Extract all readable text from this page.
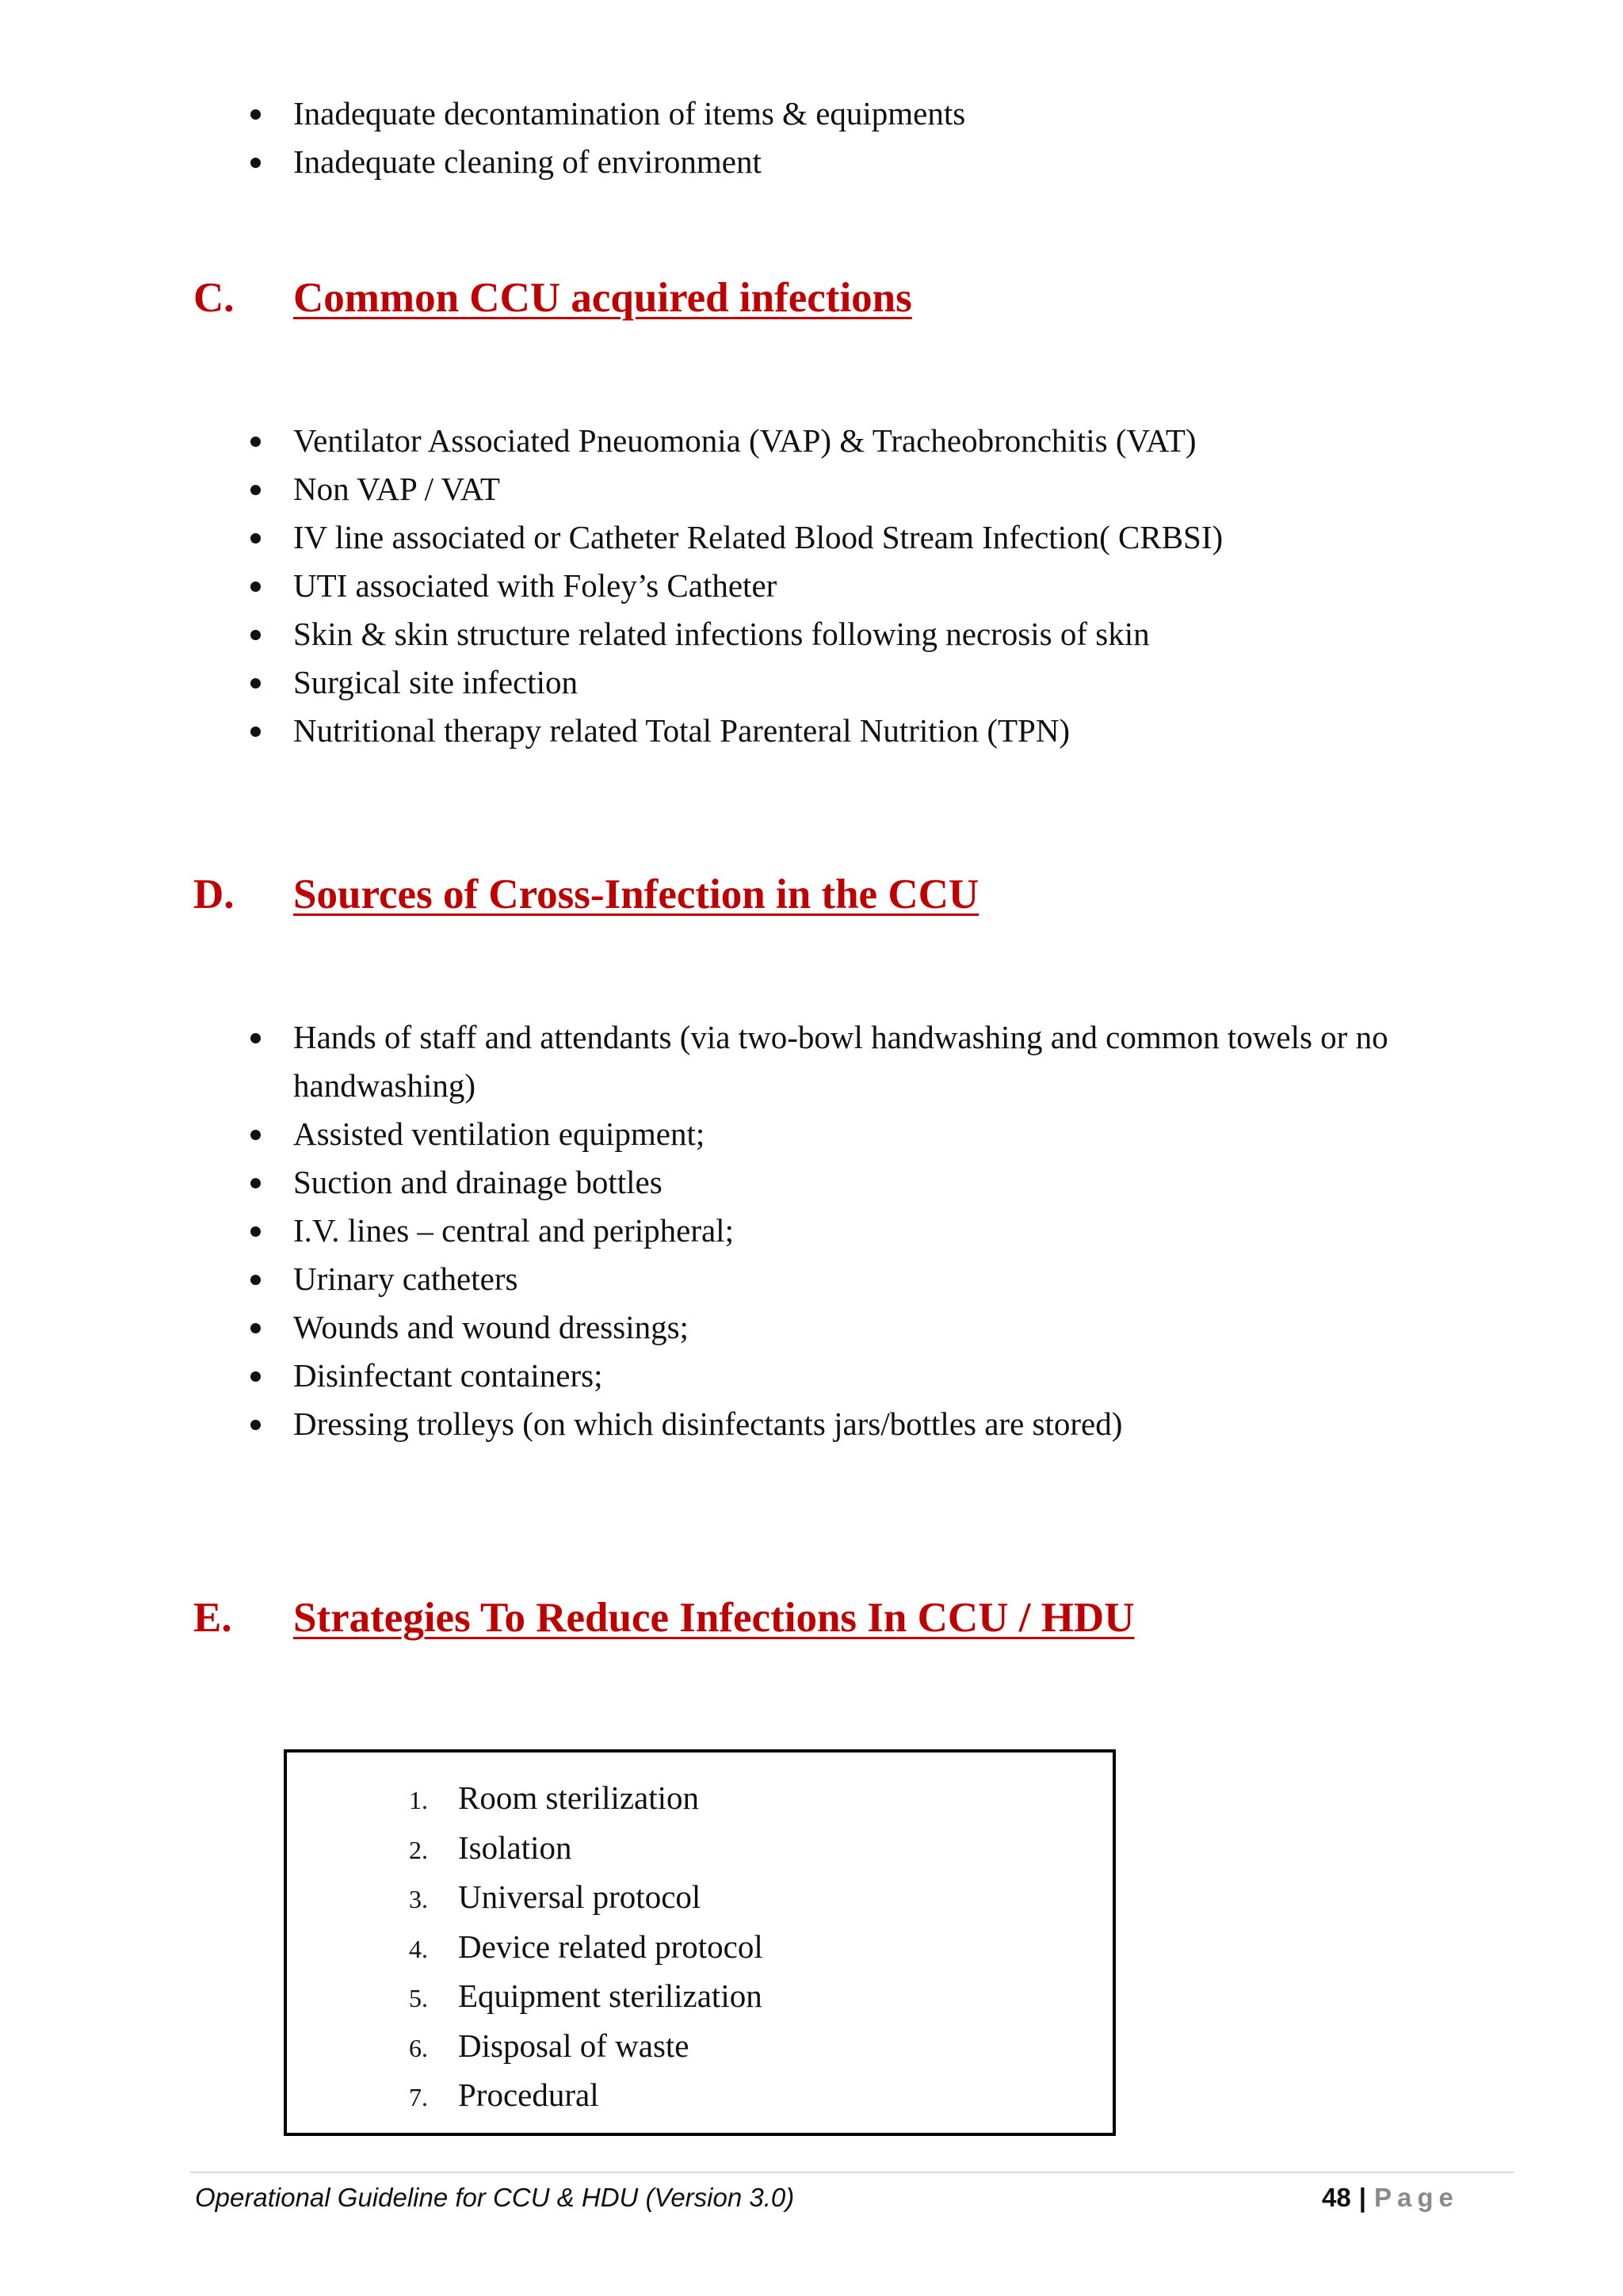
Inadequate decontamination of items & equipments
Inadequate cleaning of environment
C. Common CCU acquired infections
Ventilator Associated Pneuomonia (VAP) & Tracheobronchitis (VAT)
Non VAP / VAT
IV line associated or Catheter Related Blood Stream Infection( CRBSI)
UTI associated with Foley’s Catheter
Skin & skin structure related infections following necrosis of skin
Surgical site infection
Nutritional therapy related Total Parenteral Nutrition (TPN)
D. Sources of Cross-Infection in the CCU
Hands of staff and attendants (via two-bowl handwashing and common towels or no handwashing)
Assisted ventilation equipment;
Suction and drainage bottles
I.V. lines – central and peripheral;
Urinary catheters
Wounds and wound dressings;
Disinfectant containers;
Dressing trolleys (on which disinfectants jars/bottles are stored)
E. Strategies To Reduce Infections In CCU / HDU
1. Room sterilization
2. Isolation
3. Universal protocol
4. Device related protocol
5. Equipment sterilization
6. Disposal of waste
7. Procedural
Operational Guideline for CCU & HDU (Version 3.0)	48 | Page
